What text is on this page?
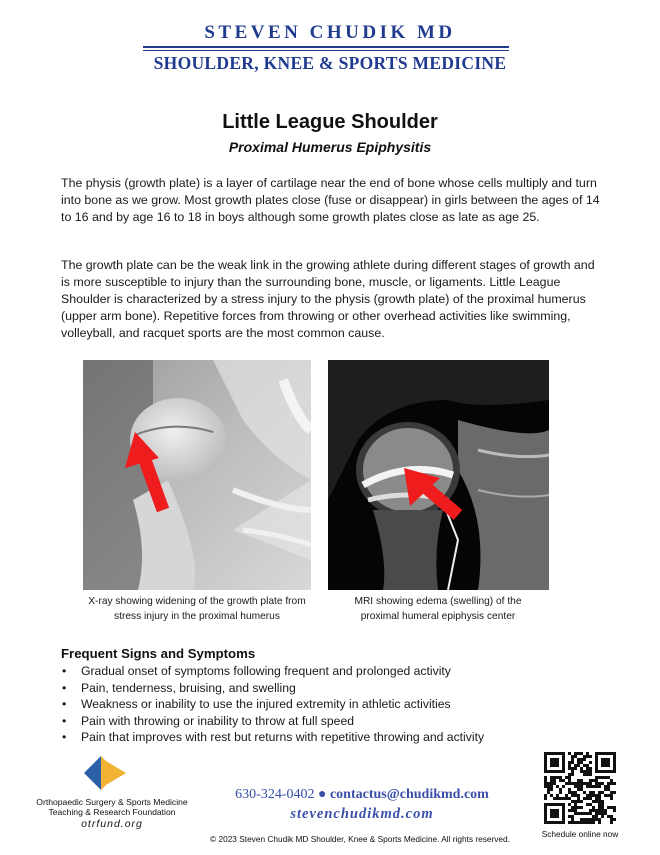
STEVEN CHUDIK MD
SHOULDER, KNEE & SPORTS MEDICINE
Little League Shoulder
Proximal Humerus Epiphysitis

The physis (growth plate) is a layer of cartilage near the end of bone whose cells multiply and turn into bone as we grow. Most growth plates close (fuse or disappear) in girls between the ages of 14 to 16 and by age 16 to 18 in boys although some growth plates close as late as age 25.

The growth plate can be the weak link in the growing athlete during different stages of growth and is more susceptible to injury than the surrounding bone, muscle, or ligaments. Little League Shoulder is characterized by a stress injury to the physis (growth plate) of the proximal humerus (upper arm bone). Repetitive forces from throwing or other overhead activities like swimming, volleyball, and racquet sports are the most common cause.

X-ray showing widening of the growth plate from stress injury in the proximal humerus
MRI showing edema (swelling) of the proximal humeral epiphysis center
Frequent Signs and Symptoms
• Gradual onset of symptoms following frequent and prolonged activity
• Pain, tenderness, bruising, and swelling
• Weakness or inability to use the injured extremity in athletic activities
• Pain with throwing or inability to throw at full speed
• Pain that improves with rest but returns with repetitive throwing and activity
Orthopaedic Surgery & Sports Medicine
Teaching & Research Foundation
otrfund.org
630-324-0402 ● contactus@chudikmd.com
stevenchudikmd.com
© 2023 Steven Chudik MD Shoulder, Knee & Sports Medicine. All rights reserved.	Schedule online now
